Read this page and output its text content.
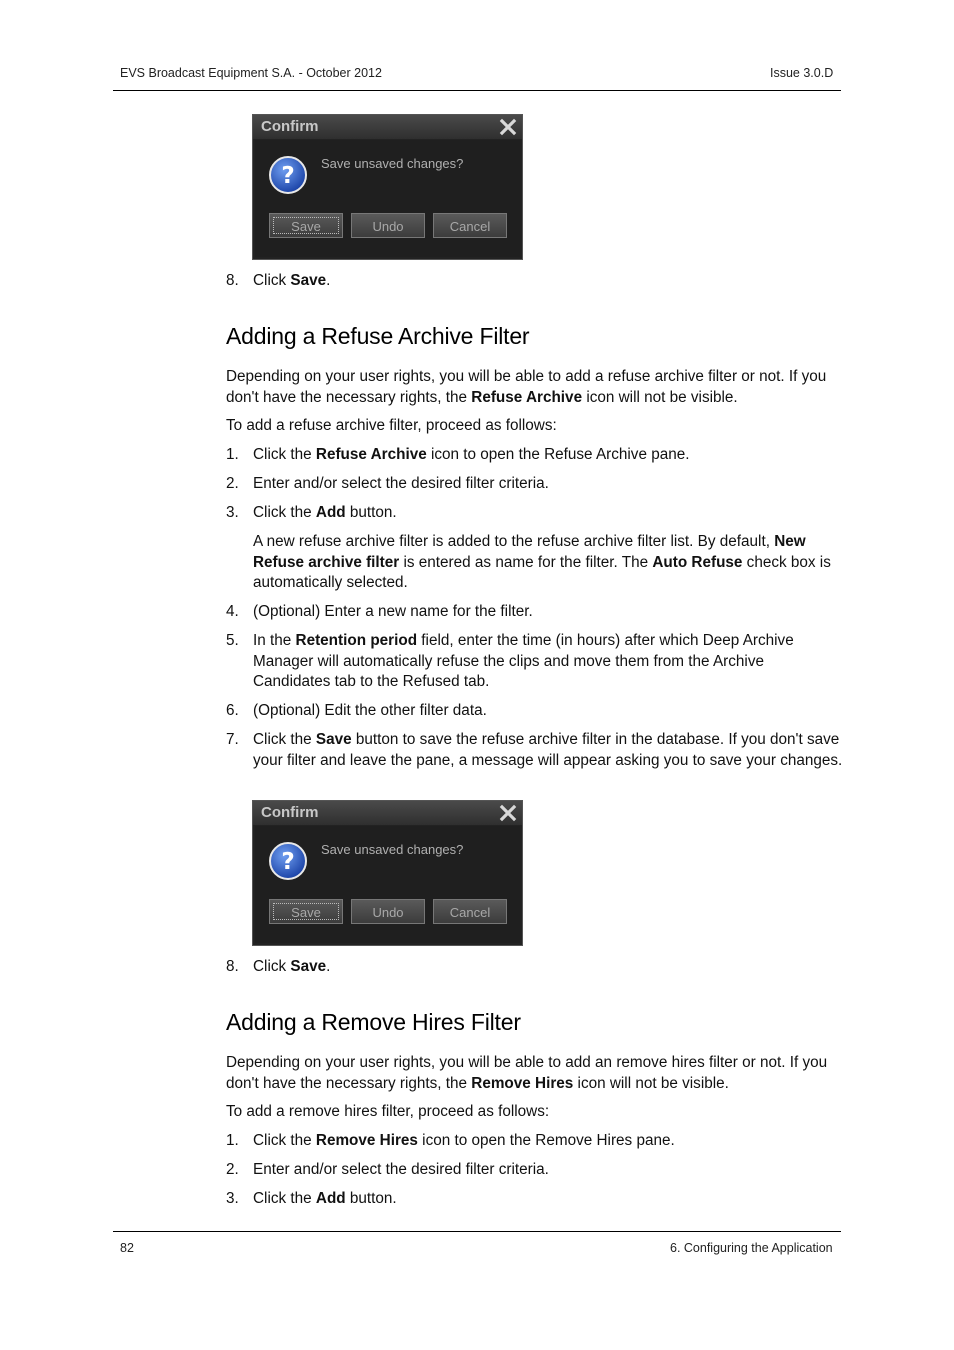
EVS Broadcast Equipment S.A. - October 2012	Issue 3.0.D
Confirm
? Save unsaved changes?
Save	Undo	Cancel
8. Click Save.
Adding a Refuse Archive Filter

Depending on your user rights, you will be able to add a refuse archive filter or not. If you don't have the necessary rights, the Refuse Archive icon will not be visible.

To add a refuse archive filter, proceed as follows:

1. Click the Refuse Archive icon to open the Refuse Archive pane.
2. Enter and/or select the desired filter criteria.
3. Click the Add button.
A new refuse archive filter is added to the refuse archive filter list. By default, New Refuse archive filter is entered as name for the filter. The Auto Refuse check box is automatically selected.
4. (Optional) Enter a new name for the filter.
5. In the Retention period field, enter the time (in hours) after which Deep Archive Manager will automatically refuse the clips and move them from the Archive Candidates tab to the Refused tab.
6. (Optional) Edit the other filter data.
7. Click the Save button to save the refuse archive filter in the database. If you don't save your filter and leave the pane, a message will appear asking you to save your changes.
Confirm
? Save unsaved changes?
Save	Undo	Cancel
8. Click Save.
Adding a Remove Hires Filter

Depending on your user rights, you will be able to add an remove hires filter or not. If you don't have the necessary rights, the Remove Hires icon will not be visible.

To add a remove hires filter, proceed as follows:

1. Click the Remove Hires icon to open the Remove Hires pane.
2. Enter and/or select the desired filter criteria.
3. Click the Add button.
82	6. Configuring the Application
